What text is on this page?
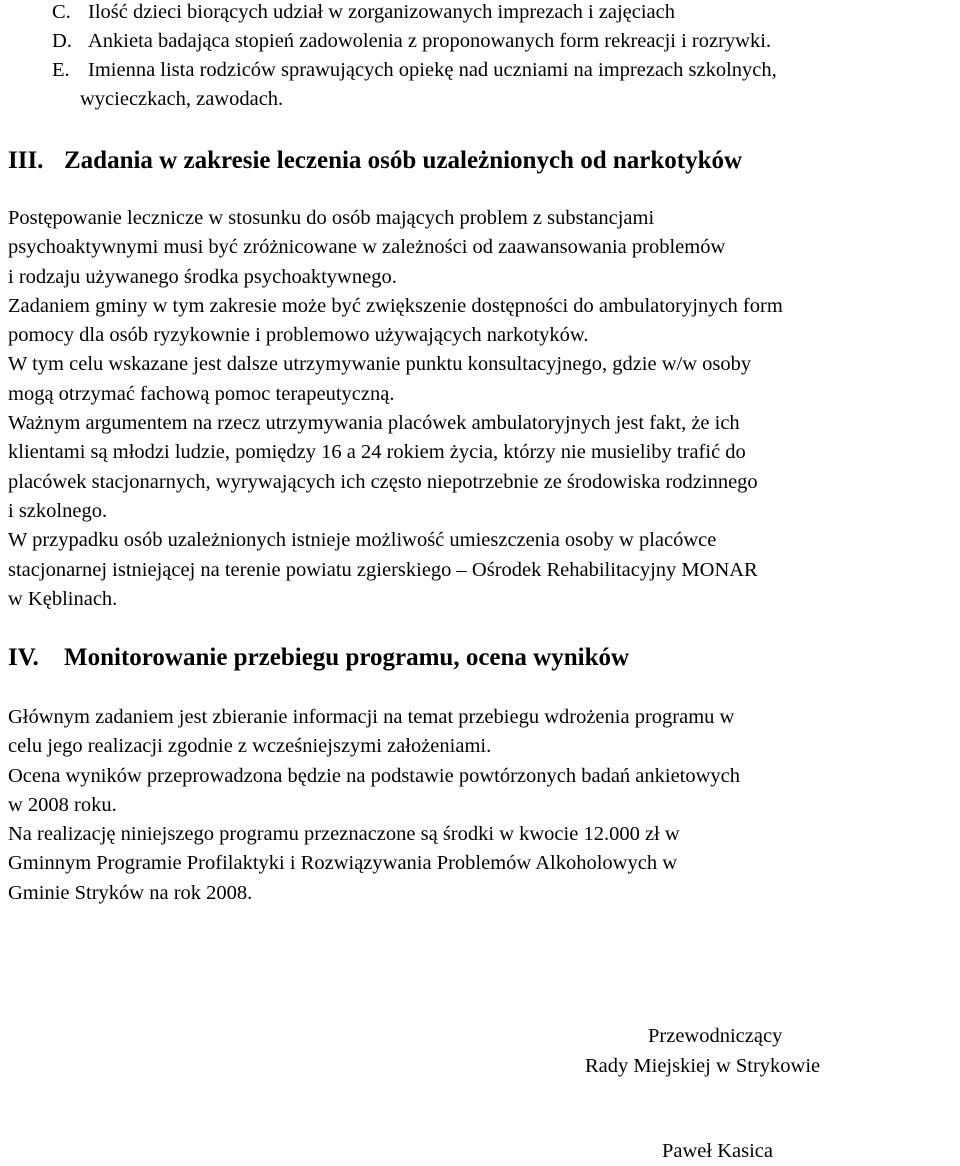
C. Ilość dzieci biorących udział w zorganizowanych imprezach i zajęciach
D. Ankieta badająca stopień zadowolenia z proponowanych form rekreacji i rozrywki.
E. Imienna lista rodziców sprawujących opiekę nad uczniami na imprezach szkolnych,
wycieczkach, zawodach.
III. Zadania w zakresie leczenia osób uzależnionych od narkotyków
Postępowanie lecznicze w stosunku do osób mających problem z substancjami
psychoaktywnymi musi być zróżnicowane w zależności od zaawansowania problemów
i rodzaju używanego środka psychoaktywnego.
Zadaniem gminy w tym zakresie może być zwiększenie dostępności do ambulatoryjnych form
pomocy dla osób ryzykownie i problemowo używających narkotyków.
W tym celu wskazane jest dalsze utrzymywanie punktu konsultacyjnego, gdzie w/w osoby
mogą otrzymać fachową pomoc terapeutyczną.
Ważnym argumentem na rzecz utrzymywania placówek ambulatoryjnych jest fakt, że ich
klientami są młodzi ludzie, pomiędzy 16 a 24 rokiem życia, którzy nie musieliby trafić do
placówek stacjonarnych, wyrywających ich często niepotrzebnie ze środowiska rodzinnego
i szkolnego.
W przypadku osób uzależnionych istnieje możliwość umieszczenia osoby w placówce
stacjonarnej istniejącej na terenie powiatu zgierskiego – Ośrodek Rehabilitacyjny MONAR
w Kęblinach.
IV. Monitorowanie przebiegu programu, ocena wyników
Głównym zadaniem jest zbieranie informacji na temat przebiegu wdrożenia programu w
celu jego realizacji zgodnie z wcześniejszymi założeniami.
Ocena wyników przeprowadzona będzie na podstawie powtórzonych badań ankietowych
w 2008 roku.
Na realizację niniejszego programu przeznaczone są środki w kwocie 12.000 zł w
Gminnym Programie Profilaktyki i Rozwiązywania Problemów Alkoholowych w
Gminie Stryków na rok 2008.
Przewodniczący
Rady Miejskiej w Strykowie
Paweł Kasica
